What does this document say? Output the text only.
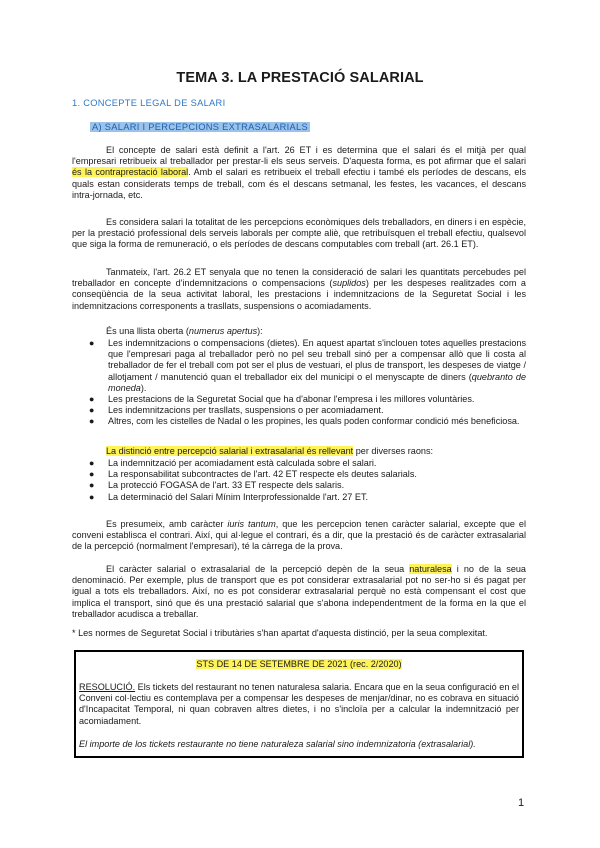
TEMA 3. LA PRESTACIÓ SALARIAL
1. CONCEPTE LEGAL DE SALARI
A) SALARI I PERCEPCIONS EXTRASALARIALS

El concepte de salari està definit a l'art. 26 ET i es determina que el salari és el mitjà per qual l'empresari retribueix al treballador per prestar-li els seus serveis. D'aquesta forma, es pot afirmar que el salari és la contraprestació laboral. Amb el salari es retribueix el treball efectiu i també els períodes de descans, els quals estan considerats temps de treball, com és el descans setmanal, les festes, les vacances, el descans intra-jornada, etc.

Es considera salari la totalitat de les percepcions econòmiques dels treballadors, en diners i en espècie, per la prestació professional dels serveis laborals per compte aliè, que retribuïsquen el treball efectiu, qualsevol que siga la forma de remuneració, o els períodes de descans computables com treball (art. 26.1 ET).

Tanmateix, l'art. 26.2 ET senyala que no tenen la consideració de salari les quantitats percebudes pel treballador en concepte d'indemnitzacions o compensacions (suplidos) per les despeses realitzades com a conseqüència de la seua activitat laboral, les prestacions i indemnitzacions de la Seguretat Social i les indemnitzacions corresponents a trasllats, suspensions o acomiadaments.

És una llista oberta (numerus apertus):
● Les indemnitzacions o compensacions (dietes). En aquest apartat s'inclouen totes aquelles prestacions que l'empresari paga al treballador però no pel seu treball sinó per a compensar allò que li costa al treballador de fer el treball com pot ser el plus de vestuari, el plus de transport, les despeses de viatge / allotjament / manutenció quan el treballador eix del municipi o el menyscapte de diners (quebranto de moneda).
● Les prestacions de la Seguretat Social que ha d'abonar l'empresa i les millores voluntàries.
● Les indemnitzacions per trasllats, suspensions o per acomiadament.
● Altres, com les cistelles de Nadal o les propines, les quals poden conformar condició més beneficiosa.
La distinció entre percepció salarial i extrasalarial és rellevant per diverses raons:
● La indemnització per acomiadament està calculada sobre el salari.
● La responsabilitat subcontractes de l'art. 42 ET respecte els deutes salarials.
● La protecció FOGASA de l'art. 33 ET respecte dels salaris.
● La determinació del Salari Mínim Interprofessionalde l'art. 27 ET.

Es presumeix, amb caràcter iuris tantum, que les percepcion tenen caràcter salarial, excepte que el conveni establisca el contrari. Així, qui al·legue el contrari, és a dir, que la prestació és de caràcter extrasalarial de la percepció (normalment l'empresari), té la càrrega de la prova.

El caràcter salarial o extrasalarial de la percepció depèn de la seua naturalesa i no de la seua denominació. Per exemple, plus de transport que es pot considerar extrasalarial pot no ser-ho si és pagat per igual a tots els treballadors. Així, no es pot considerar extrasalarial perquè no està compensant el cost que implica el transport, sinó que és una prestació salarial que s'abona independentment de la forma en la que el treballador acudisca a treballar.

* Les normes de Seguretat Social i tributàries s'han apartat d'aquesta distinció, per la seua complexitat.
STS DE 14 DE SETEMBRE DE 2021 (rec. 2/2020)
RESOLUCIÓ. Els tickets del restaurant no tenen naturalesa salaria. Encara que en la seua configuració en el Conveni col·lectiu es contemplava per a compensar les despeses de menjar/dinar, no es cobrava en situació d'Incapacitat Temporal, ni quan cobraven altres dietes, i no s'incloïa per a calcular la indemnització per acomiadament.
El importe de los tickets restaurante no tiene naturaleza salarial sino indemnizatoria (extrasalarial).
1
